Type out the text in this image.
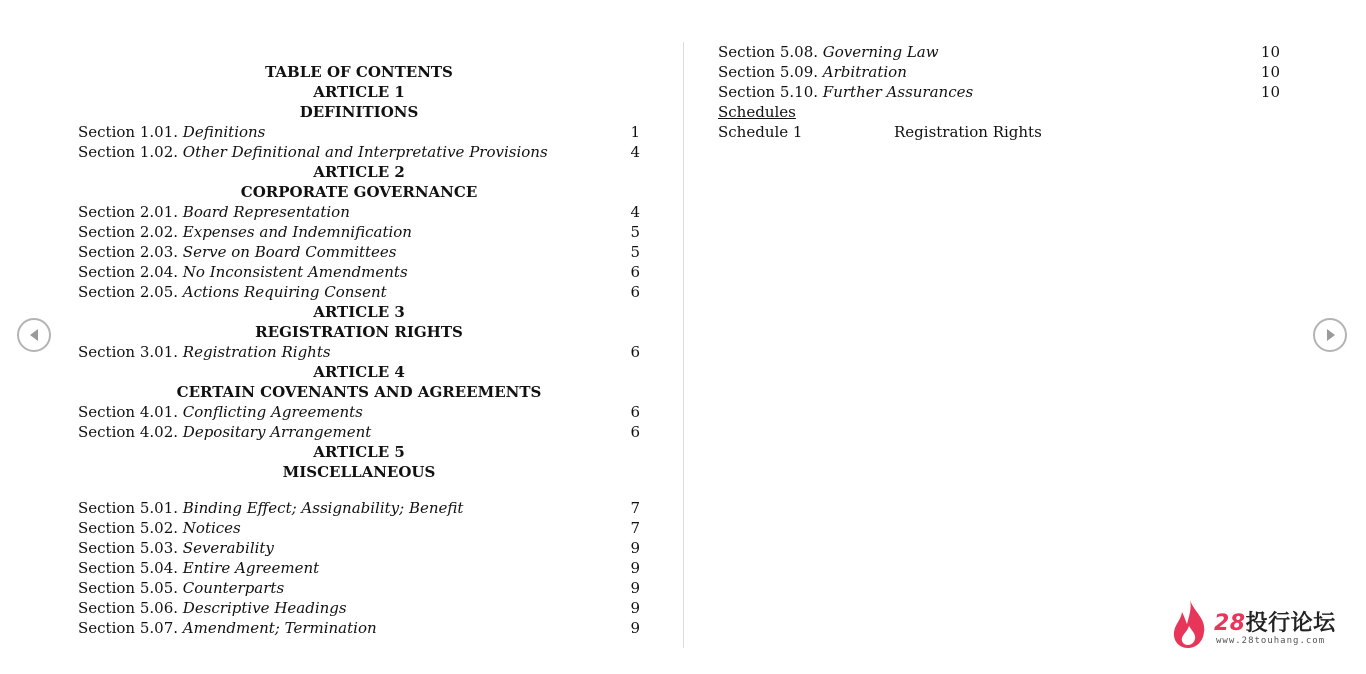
TABLE OF CONTENTS
ARTICLE 1
DEFINITIONS
Section 1.01. Definitions	1
Section 1.02. Other Definitional and Interpretative Provisions	4
ARTICLE 2
CORPORATE GOVERNANCE
Section 2.01. Board Representation	4
Section 2.02. Expenses and Indemnification	5
Section 2.03. Serve on Board Committees	5
Section 2.04. No Inconsistent Amendments	6
Section 2.05. Actions Requiring Consent	6
ARTICLE 3
REGISTRATION RIGHTS
Section 3.01. Registration Rights	6
ARTICLE 4
CERTAIN COVENANTS AND AGREEMENTS
Section 4.01. Conflicting Agreements	6
Section 4.02. Depositary Arrangement	6
ARTICLE 5
MISCELLANEOUS
Section 5.01. Binding Effect; Assignability; Benefit	7
Section 5.02. Notices	7
Section 5.03. Severability	9
Section 5.04. Entire Agreement	9
Section 5.05. Counterparts	9
Section 5.06. Descriptive Headings	9
Section 5.07. Amendment; Termination	9
Section 5.08. Governing Law	10
Section 5.09. Arbitration	10
Section 5.10. Further Assurances	10
Schedules
Schedule 1	Registration Rights
28投行论坛
www.28touhang.com
